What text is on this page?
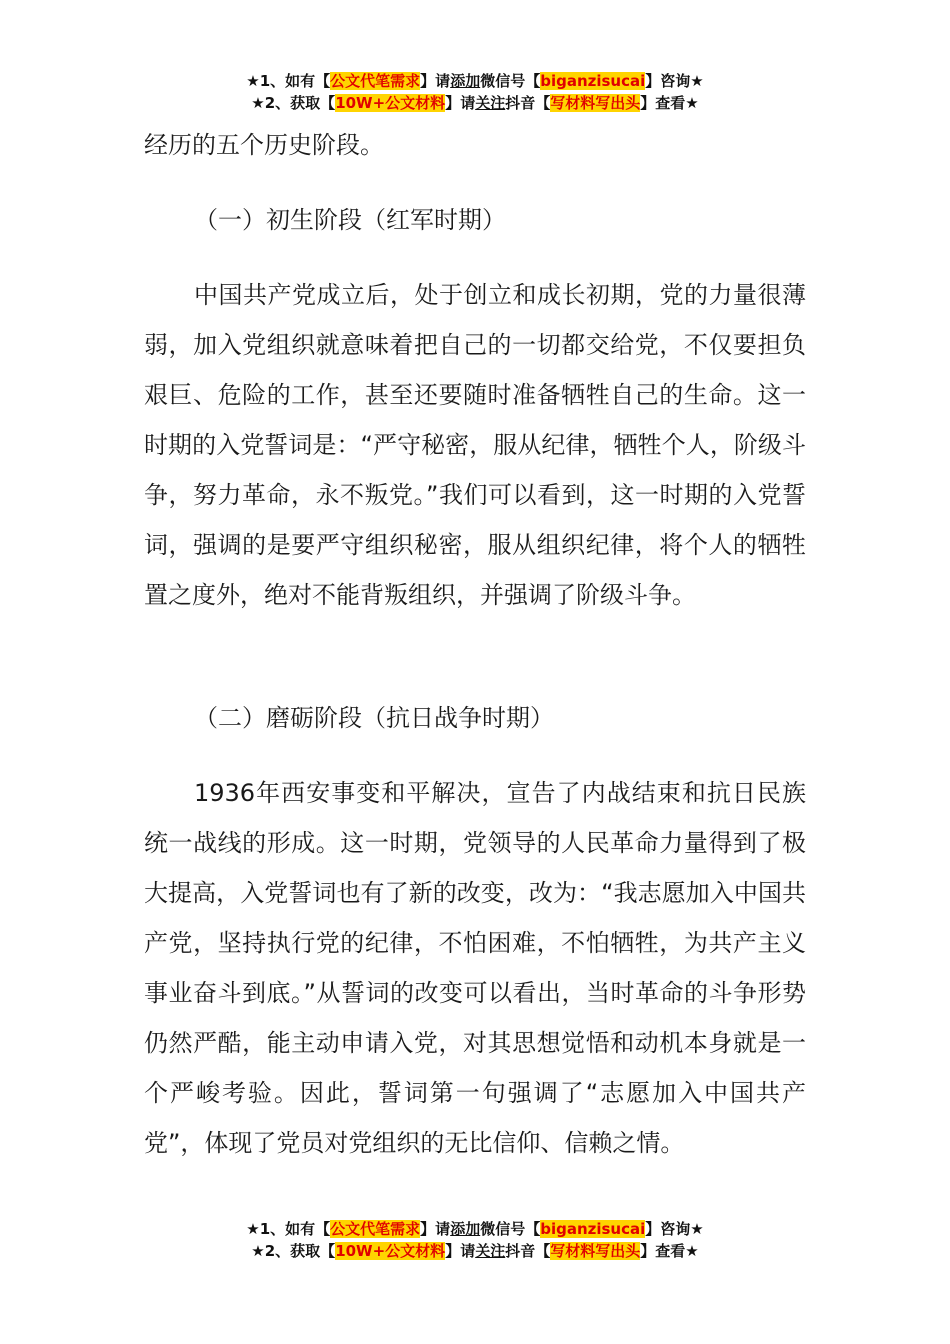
★1、如有【公文代笔需求】请添加微信号【biganzisucai】咨询★
★2、获取【10W+公文材料】请关注抖音【写材料写出头】查看★

经历的五个历史阶段。

（一）初生阶段（红军时期）

中国共产党成立后，处于创立和成长初期，党的力量很薄弱，加入党组织就意味着把自己的一切都交给党，不仅要担负艰巨、危险的工作，甚至还要随时准备牺牲自己的生命。这一时期的入党誓词是：“严守秘密，服从纪律，牺牲个人，阶级斗争，努力革命，永不叛党。”我们可以看到，这一时期的入党誓词，强调的是要严守组织秘密，服从组织纪律，将个人的牺牲置之度外，绝对不能背叛组织，并强调了阶级斗争。

（二）磨砺阶段（抗日战争时期）

1936年西安事变和平解决，宣告了内战结束和抗日民族统一战线的形成。这一时期，党领导的人民革命力量得到了极大提高，入党誓词也有了新的改变，改为：“我志愿加入中国共产党，坚持执行党的纪律，不怕困难，不怕牺牲，为共产主义事业奋斗到底。”从誓词的改变可以看出，当时革命的斗争形势仍然严酷，能主动申请入党，对其思想觉悟和动机本身就是一个严峻考验。因此，誓词第一句强调了“志愿加入中国共产党”，体现了党员对党组织的无比信仰、信赖之情。

★1、如有【公文代笔需求】请添加微信号【biganzisucai】咨询★
★2、获取【10W+公文材料】请关注抖音【写材料写出头】查看★
